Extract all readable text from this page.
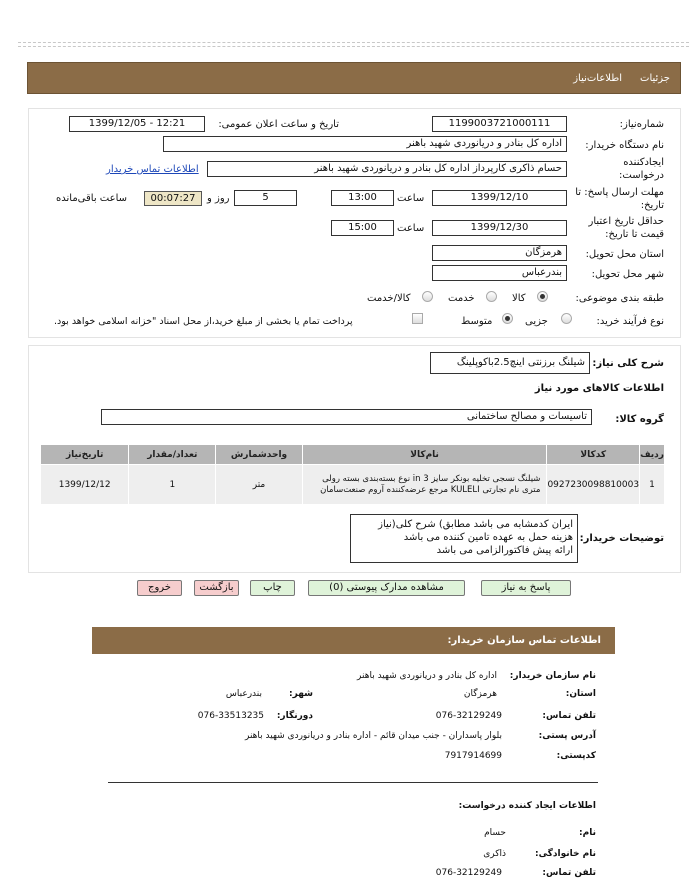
جزئیات
اطلاعات‌نیاز
شماره‌نیاز:
1199003721000111
تاریخ و ساعت اعلان عمومی:
1399/12/05 - 12:21
نام دستگاه خریدار:
اداره کل بنادر و دریانوردی شهید باهنر
ایجادکننده
درخواست:
حسام ذاکری کارپرداز اداره کل بنادر و دریانوردی شهید باهنر
اطلاعات تماس خریدار
مهلت ارسال پاسخ: تا
تاریخ:
1399/12/10
ساعت
13:00
5
روز و
00:07:27
ساعت باقی‌مانده
حداقل تاریخ اعتبار
قیمت تا تاریخ:
1399/12/30
ساعت
15:00
استان محل تحویل:
هرمزگان
شهر محل تحویل:
بندرعباس
طبقه بندی موضوعی:
کالا
خدمت
کالا/خدمت
نوع فرآیند خرید:
جزیی
متوسط
پرداخت تمام یا بخشی از مبلغ خرید،از محل اسناد "خزانه اسلامی خواهد بود.
شرح کلی نیاز:
شیلنگ برزنتی اینچ2.5باکوپلینگ
اطلاعات کالاهای مورد نیاز
گروه کالا:
تاسیسات و مصالح ساختمانی
تاریخ‌نیاز	تعداد/مقدار	واحدشمارش	نام‌کالا	کدکالا	ردیف
1399/12/12	1	متر	شیلنگ نسجی تخلیه بونکر سایز 3 in نوع بسته‌بندی بسته رولی متری نام تجارتی KULELI مرجع عرضه‌کننده آروم صنعت‌سامان	0927230098810003	1
توضیحات خریدار:
ایران کدمشابه می باشد مطابق) شرح کلی(نیاز
هزینه حمل به عهده تامین کننده می باشد
ارائه پیش فاکتورالزامی می باشد
پاسخ به نیاز
مشاهده مدارک پیوستی (0)
چاپ
بازگشت
خروج
اطلاعات تماس سازمان خریدار:
نام سازمان خریدار:
اداره کل بنادر و دریانوردی شهید باهنر
استان:
هرمزگان
شهر:
بندرعباس
تلفن تماس:
076-32129249
دورنگار:
076-33513235
آدرس پستی:
بلوار پاسداران - جنب میدان قائم - اداره بنادر و دریانوردی شهید باهنر
کدپستی:
7917914699
اطلاعات ایجاد کننده درخواست:
نام:
حسام
نام خانوادگی:
ذاکری
تلفن تماس:
076-32129249
